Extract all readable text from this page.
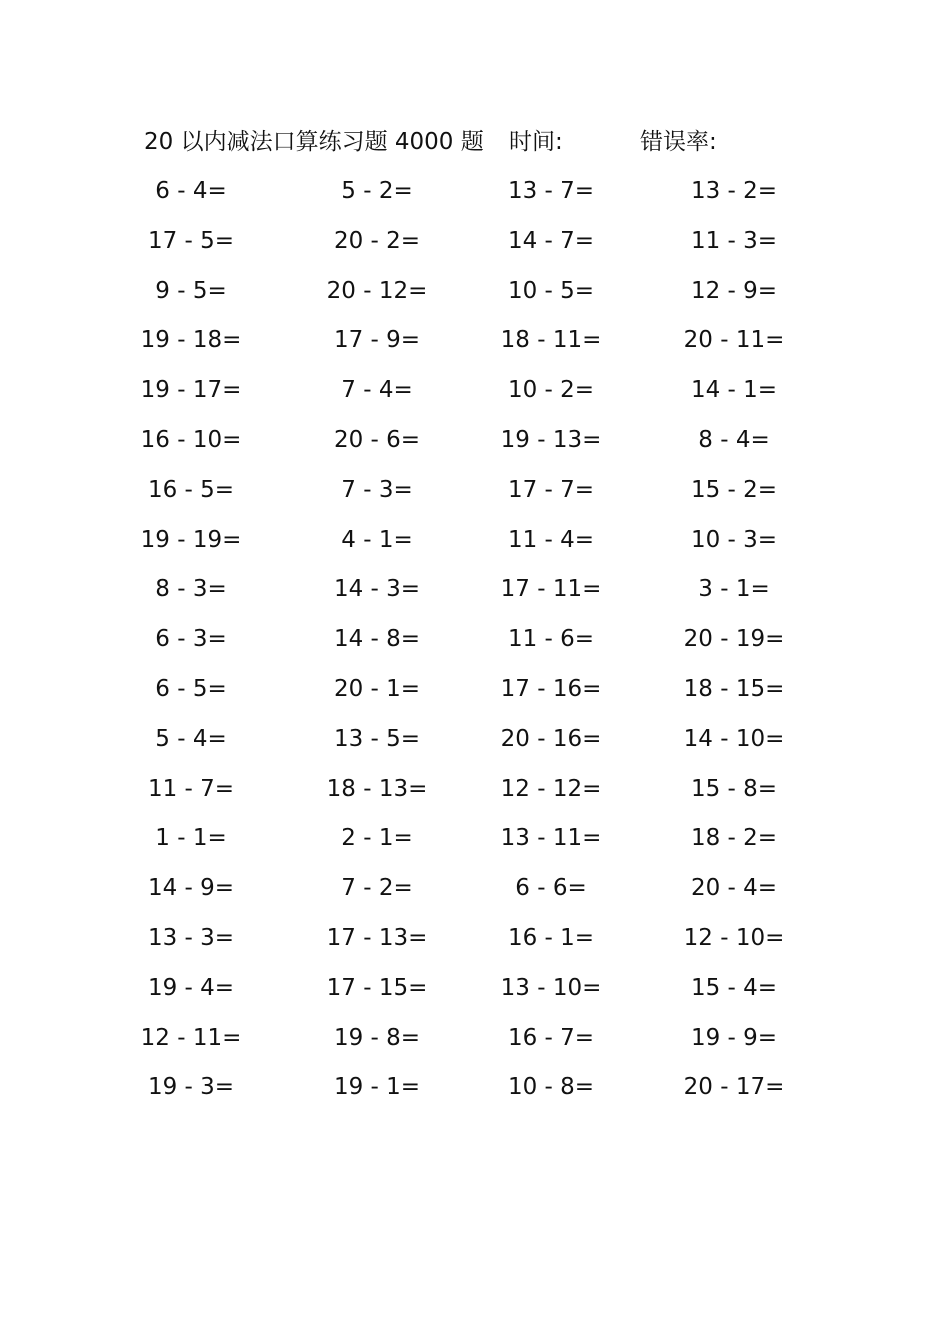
20 以内减法口算练习题 4000 题 时间:	错误率:
6 - 4=
17 - 5=
9 - 5=
19 - 18=
19 - 17=
16 - 10=
16 - 5=
19 - 19=
8 - 3=
6 - 3=
6 - 5=
5 - 4=
11 - 7=
1 - 1=
14 - 9=
13 - 3=
19 - 4=
12 - 11=
19 - 3=
5 - 2=
20 - 2=
20 - 12=
17 - 9=
7 - 4=
20 - 6=
7 - 3=
4 - 1=
14 - 3=
14 - 8=
20 - 1=
13 - 5=
18 - 13=
2 - 1=
7 - 2=
17 - 13=
17 - 15=
19 - 8=
19 - 1=
13 - 7=
14 - 7=
10 - 5=
18 - 11=
10 - 2=
19 - 13=
17 - 7=
11 - 4=
17 - 11=
11 - 6=
17 - 16=
20 - 16=
12 - 12=
13 - 11=
6 - 6=
16 - 1=
13 - 10=
16 - 7=
10 - 8=
13 - 2=
11 - 3=
12 - 9=
20 - 11=
14 - 1=
8 - 4=
15 - 2=
10 - 3=
3 - 1=
20 - 19=
18 - 15=
14 - 10=
15 - 8=
18 - 2=
20 - 4=
12 - 10=
15 - 4=
19 - 9=
20 - 17=
